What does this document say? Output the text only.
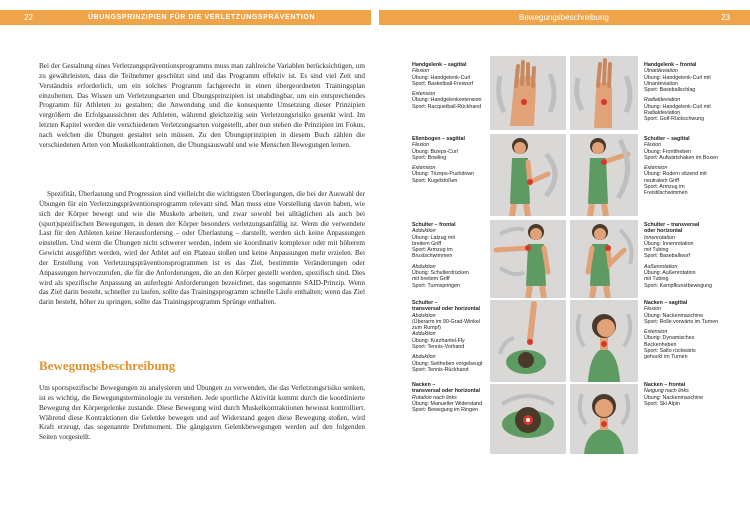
22	ÜBUNGSPRINZIPIEN FÜR DIE VERLETZUNGSPRÄVENTION	Bewegungsbeschreibung	23

Bei der Gestaltung eines Verletzungspräventionsprogramms muss man zahlreiche Variablen berücksichtigen, um zu gewährleisten, dass die Teilnehmer geschützt sind und das Programm effektiv ist. Es sind viel Zeit und Verständnis erforderlich, um ein solches Programm fachgerecht in einen übergeordneten Trainingsplan einzubetten. Das Wissen um Verletzungsarten und Übungsprinzipien ist unabdingbar, um ein entsprechendes Programm für Athleten zu gestalten; die Anwendung und die konsequente Umsetzung dieser Prinzipien vergrößern die Erfolgsaussichten des Athleten, während gleichzeitig sein Verletzungsrisiko gesenkt wird. Im letzten Kapitel werden die verschiedenen Verletzungsarten vorgestellt, aber nun stehen die Prinzipien im Fokus, nach welchen die Übungen gestaltet sein müssen. Zu den Übungsprinzipien in diesem Buch zählen die verschiedenen Arten von Muskelkontraktionen, die Übungsauswahl und wie Menschen Bewegungen lernen.

Spezifität, Überlastung und Progression sind vielleicht die wichtigsten Überlegungen, die bei der Auswahl der Übungen für ein Verletzungspräventionsprogramm relevant sind. Man muss eine Vorstellung davon haben, wie sich der Körper bewegt und wie die Muskeln arbeiten, und zwar sowohl bei alltäglichen als auch bei (sport)spezifischen Bewegungen, in denen der Körper besonders verletzungsanfällig ist. Wenn die verwendete Last für den Athleten keine Herausforderung – oder Überlastung – darstellt, werden sich keine Anpassungen einstellen. Und wenn die Übungen nicht schwerer werden, indem sie koordinativ komplexer oder mit höherem Gewicht ausgeführt werden, wird der Athlet auf ein Plateau stoßen und keine Anpassungen mehr erzielen. Bei der Erstellung von Verletzungspräventionsprogrammen ist es das Ziel, bestimmte Veränderungen oder Anpassungen hervorzurufen, die für die Anforderungen, die an den Körper gestellt werden, spezifisch sind. Dies wird als spezifische Anpassung an auferlegte Anforderungen bezeichnet, das sogenannte SAID-Prinzip. Wenn das Ziel darin besteht, schneller zu laufen, sollte das Trainingsprogramm schnelle Läufe enthalten; wenn das Ziel darin besteht, höher zu springen, sollte das Trainingsprogramm Sprünge enthalten.

Bewegungsbeschreibung

Um sportspezifische Bewegungen zu analysieren und Übungen zu verwenden, die das Verletzungsrisiko senken, ist es wichtig, die Bewegungsterminologie zu verstehen. Jede sportliche Aktivität kommt durch die koordinierte Bewegung der Körpergelenke zustande. Diese Bewegung wird durch Muskelkontraktionen bewusst kontrolliert. Während diese Kontraktionen die Gelenke bewegen und auf Widerstand gegen diese Bewegung stoßen, wird Kraft erzeugt, das sogenannte Drehmoment. Die gängigsten Gelenkbewegungen werden auf den folgenden Seiten vorgestellt.

Handgelenk – sagittal
Flexion
Übung: Handgelenk-Curl
Sport: Basketball-Freiwurf
Extension
Übung: Handgelenkextension
Sport: Racquetball-Rückhand
Handgelenk – frontal
Ulnardeviation
Übung: Handgelenk-Curl mit
Ulnardeviation
Sport: Baseballschlag
Radialdeviation
Übung: Handgelenk-Curl mit
Radialdeviation
Sport: Golf-Rückschwung
Ellenbogen – sagittal
Flexion
Übung: Bizeps-Curl
Sport: Bowling
Extension
Übung: Trizeps-Pushdown
Sport: Kugelstoßen
Schulter – sagittal
Flexion
Übung: Fronttheben
Sport: Aufwärtshaken im Boxen
Extension
Übung: Rudern sitzend mit
neutralem Griff
Sport: Armzug im
Freistilschwimmen
Schulter – frontal
Adduktion
Übung: Latzug mit
breitem Griff
Sport: Armzug im
Brustschwimmen
Abduktion
Übung: Schulterdrücken
mit breitem Griff
Sport: Turmspringen
Schulter – transversal
oder horizontal
Innenrotation
Übung: Innenrotation
mit Tubing
Sport: Baseballwurf
Außenrotation
Übung: Außenrotation
mit Tubing
Sport: Kampfkunstbewegung
Schulter –
transversal oder horizontal
Abduktion
(Überarm im 90-Grad-Winkel
zum Rumpf)
Adduktion
Übung: Kurzhantel-Fly
Sport: Tennis-Vorhand
Abduktion
Übung: Seitheben vorgebeugt
Sport: Tennis-Rückhand
Nacken – sagittal
Flexion
Übung: Nackenmaschine
Sport: Rolle vorwärts im Turnen
Extension
Übung: Dynamisches
Beckenheben
Sport: Salto rückwärts
gehockt im Turnen
Nacken –
transversal oder horizontal
Rotation nach links
Übung: Manueller Widerstand
Sport: Bewegung im Ringen
Nacken – frontal
Neigung nach links
Übung: Nackenmaschine
Sport: Ski Alpin
